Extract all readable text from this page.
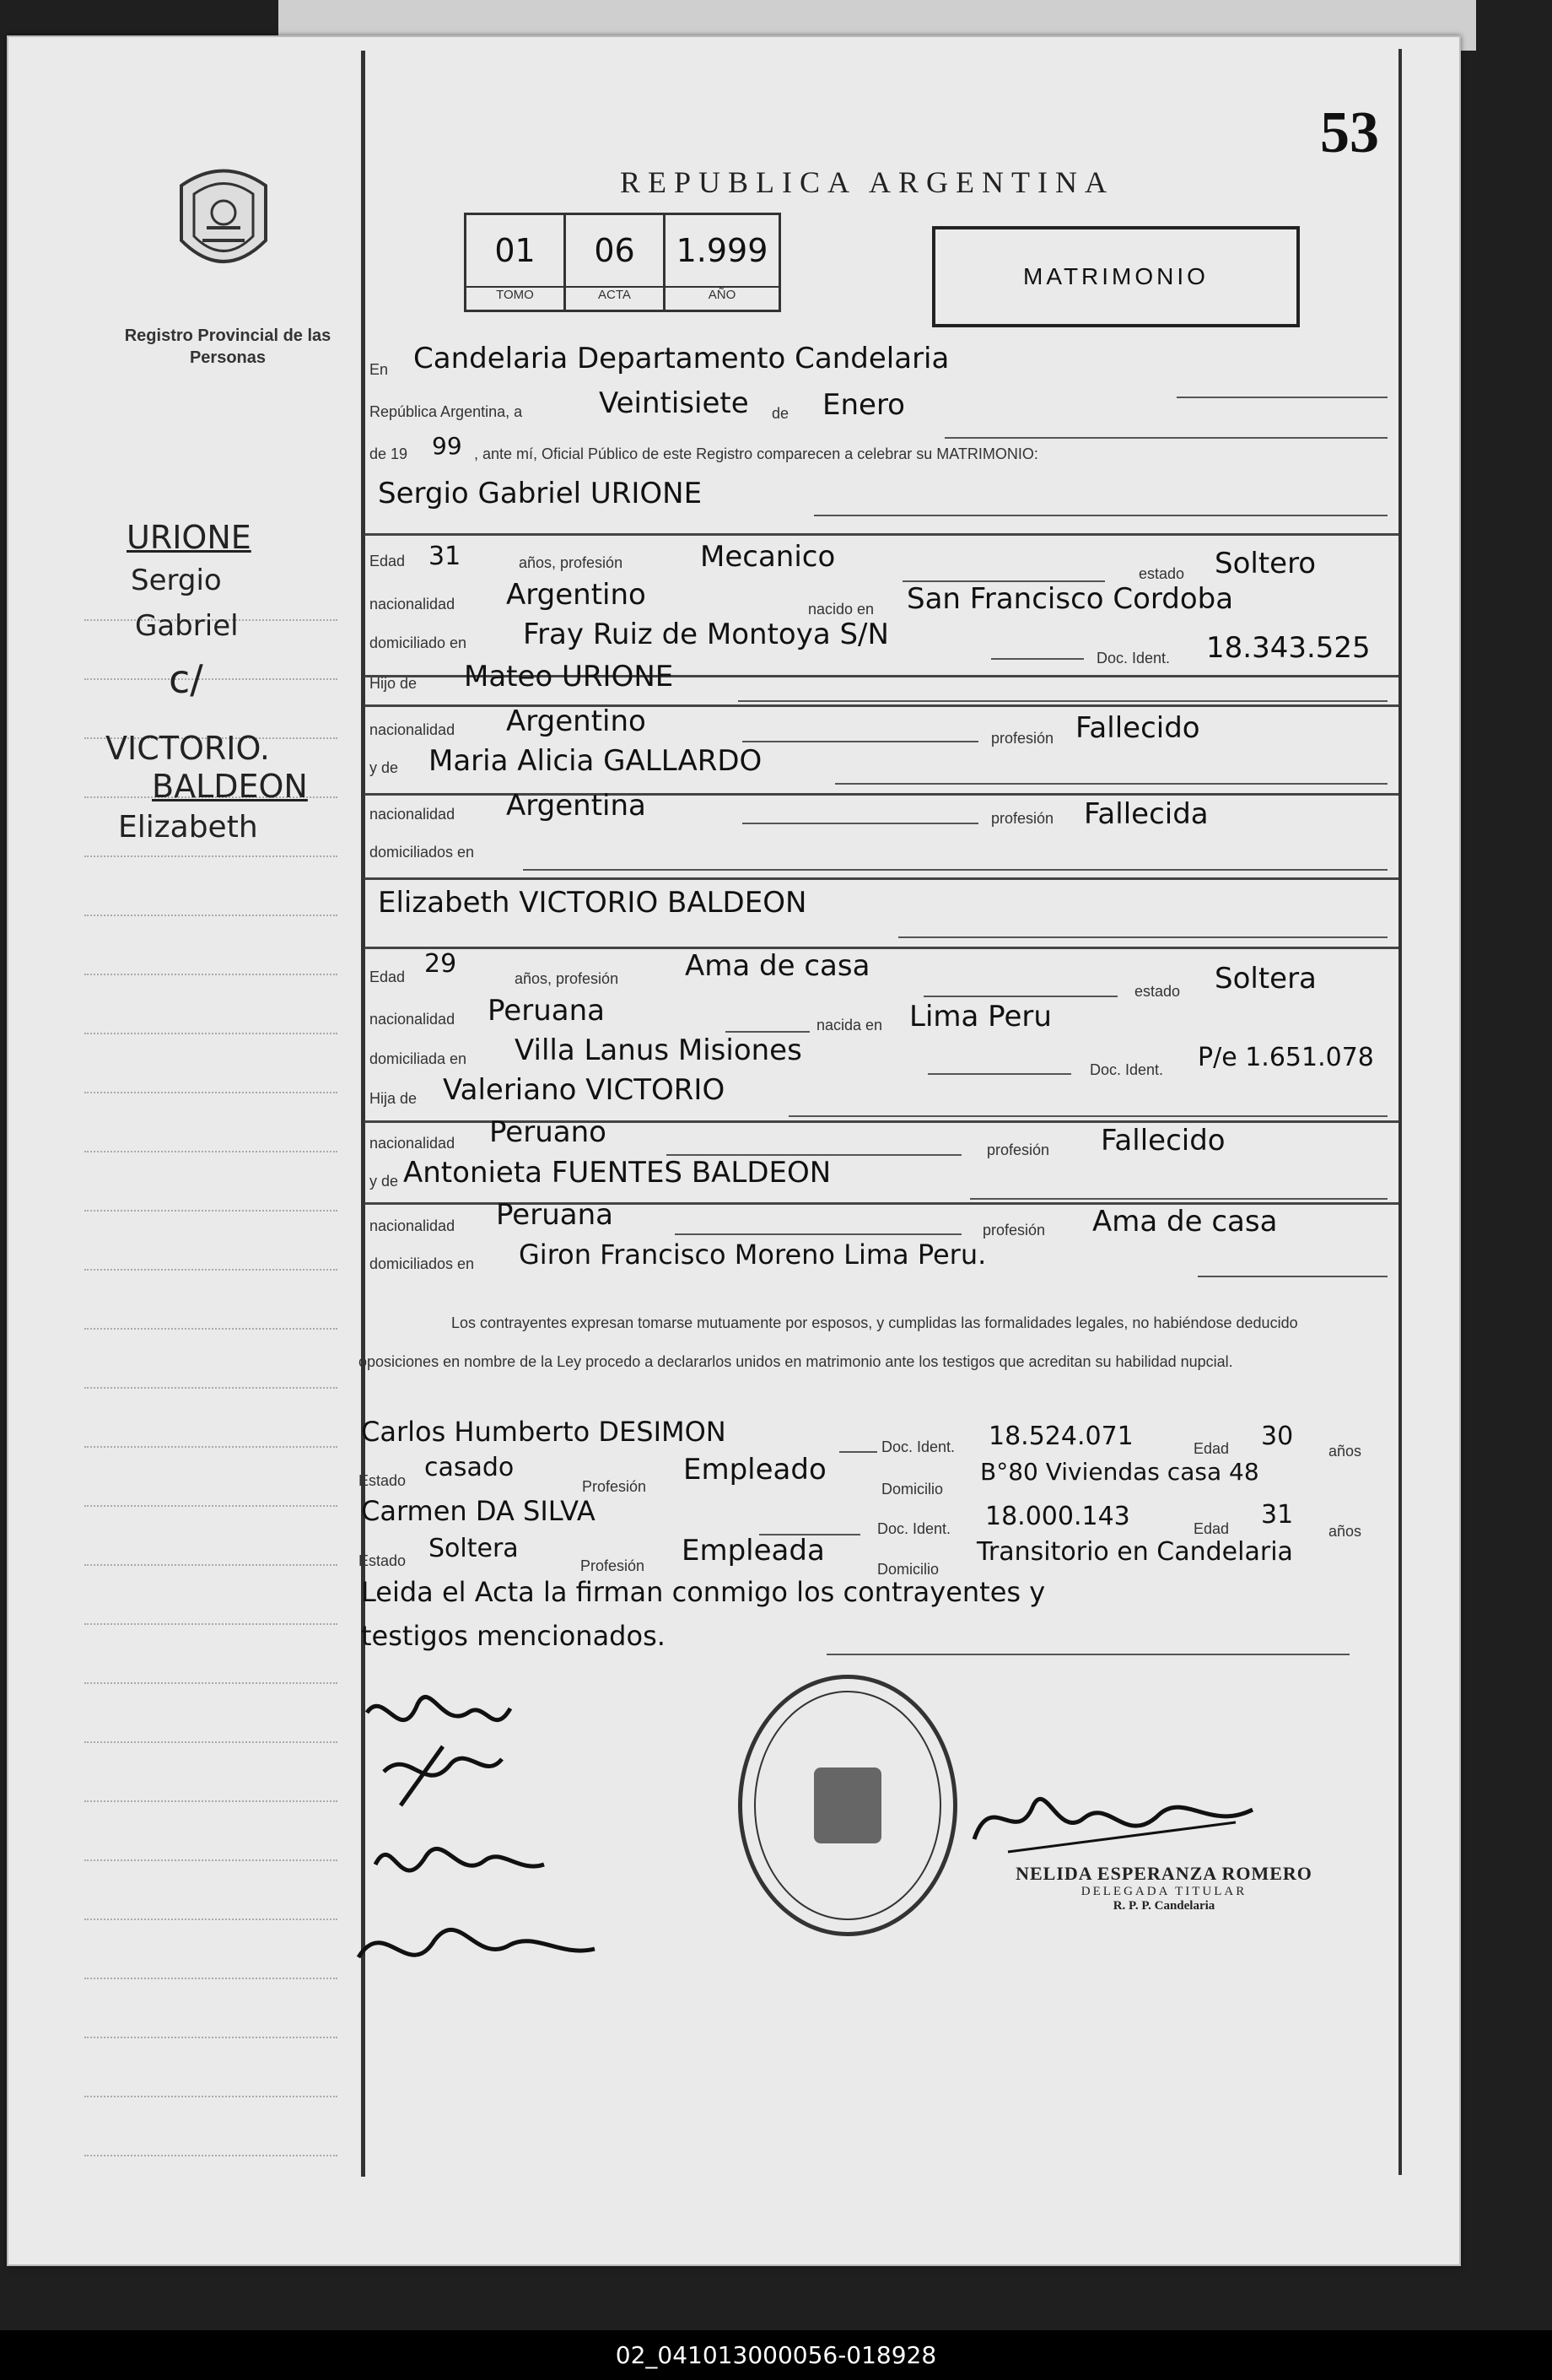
Registro Provincial de las Personas
53
REPUBLICA ARGENTINA
01
TOMO
06
ACTA
1.999
AÑO
MATRIMONIO
URIONE
Sergio
Gabriel
c/
VICTORIO.
BALDEON
Elizabeth
En Candelaria Departamento Candelaria
República Argentina, a	Veintisiete de Enero
de 19 99 , ante mí, Oficial Público de este Registro comparecen a celebrar su MATRIMONIO:
Sergio Gabriel URIONE
Edad 31	años, profesión	Mecanico	estado Soltero
nacionalidad Argentino	nacido en San Francisco Cordoba
domiciliado en Fray Ruiz de Montoya S/N
Doc. Ident. 18.343.525
Hijo de Mateo URIONE
nacionalidad Argentino	profesión Fallecido
y de Maria Alicia GALLARDO
nacionalidad Argentina	profesión Fallecida
domiciliados en
Elizabeth VICTORIO BALDEON
Edad 29	años, profesión Ama de casa
estado Soltera
nacionalidad Peruana	nacida en Lima Peru
domiciliada en Villa Lanus Misiones
Doc. Ident. P/e 1.651.078
Hija de Valeriano VICTORIO
nacionalidad Peruano
profesión Fallecido
y de Antonieta FUENTES BALDEON
nacionalidad Peruana	profesión Ama de casa
domiciliados en Giron Francisco Moreno Lima Peru.
Los contrayentes expresan tomarse mutuamente por esposos, y cumplidas las formalidades legales, no habiéndose deducido oposiciones en nombre de la Ley procedo a declararlos unidos en matrimonio ante los testigos que acreditan su habilidad nupcial.
Carlos Humberto DESIMON	Doc. Ident. 18.524.071	Edad 30 años
Estado casado
Profesión Empleado
Domicilio
B°80 Viviendas casa 48
Carmen DA SILVA
Doc. Ident. 18.000.143	Edad 31
años
Estado Soltera
Profesión Empleada
Domicilio
Transitorio en Candelaria
Leida el Acta la firman conmigo los contrayentes y
testigos mencionados.
NELIDA ESPERANZA ROMERO
DELEGADA TITULAR
R. P. P. Candelaria
02_041013000056-018928
